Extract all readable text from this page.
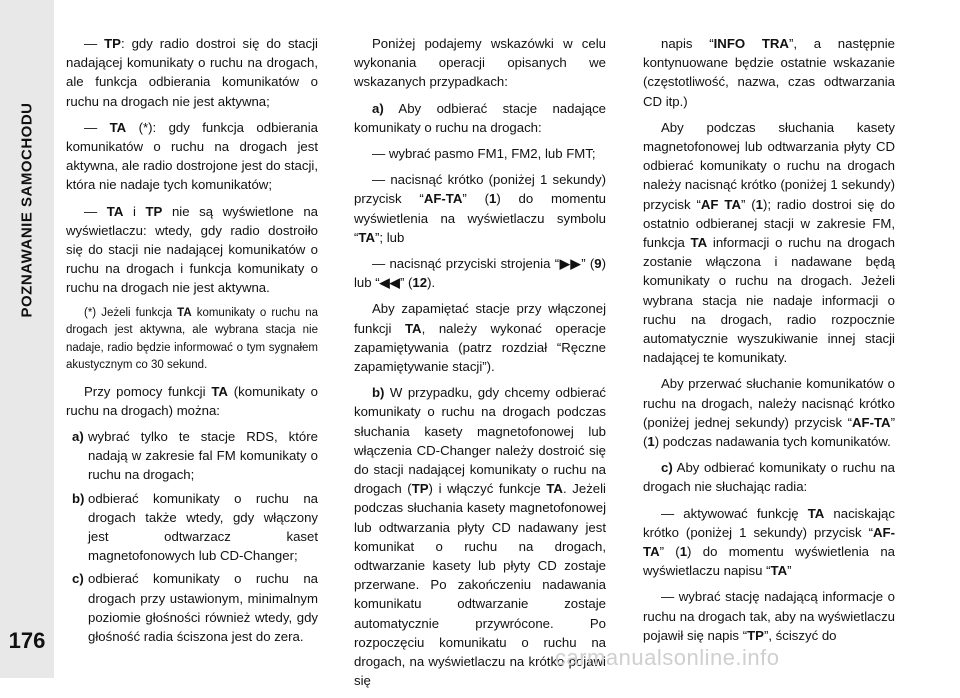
POZNAWANIE SAMOCHODU
176

— TP: gdy radio dostroi się do stacji nadającej komunikaty o ruchu na drogach, ale funkcja odbierania komunikatów o ruchu na drogach nie jest aktywna;

— TA (*): gdy funkcja odbierania komunikatów o ruchu na drogach jest aktywna, ale radio dostrojone jest do stacji, która nie nadaje tych komunikatów;

— TA i TP nie są wyświetlone na wyświetlaczu: wtedy, gdy radio dostroiło się do stacji nie nadającej komunikatów o ruchu na drogach i funkcja komunikaty o ruchu na drogach nie jest aktywna.

(*) Jeżeli funkcja TA komunikaty o ruchu na drogach jest aktywna, ale wybrana stacja nie nadaje, radio będzie informować o tym sygnałem akustycznym co 30 sekund.

Przy pomocy funkcji TA (komunikaty o ruchu na drogach) można:

a) wybrać tylko te stacje RDS, które nadają w zakresie fal FM komunikaty o ruchu na drogach;
b) odbierać komunikaty o ruchu na drogach także wtedy, gdy włączony jest odtwarzacz kaset magnetofonowych lub CD-Changer;
c) odbierać komunikaty o ruchu na drogach przy ustawionym, minimalnym poziomie głośności również wtedy, gdy głośność radia ściszona jest do zera.

Poniżej podajemy wskazówki w celu wykonania operacji opisanych we wskazanych przypadkach:

a) Aby odbierać stacje nadające komunikaty o ruchu na drogach:

— wybrać pasmo FM1, FM2, lub FMT;

— nacisnąć krótko (poniżej 1 sekundy) przycisk “AF-TA” (1) do momentu wyświetlenia na wyświetlaczu symbolu “TA”; lub

— nacisnąć przyciski strojenia “▶▶” (9) lub “◀◀” (12).

Aby zapamiętać stacje przy włączonej funkcji TA, należy wykonać operacje zapamiętywania (patrz rozdział “Ręczne zapamiętywanie stacji”).

b) W przypadku, gdy chcemy odbierać komunikaty o ruchu na drogach podczas słuchania kasety magnetofonowej lub włączenia CD-Changer należy dostroić się do stacji nadającej komunikaty o ruchu na drogach (TP) i włączyć funkcje TA. Jeżeli podczas słuchania kasety magnetofonowej lub odtwarzania płyty CD nadawany jest komunikat o ruchu na drogach, odtwarzanie kasety lub płyty CD zostaje przerwane. Po zakończeniu nadawania komunikatu odtwarzanie zostaje automatycznie przywrócone. Po rozpoczęciu komunikatu o ruchu na drogach, na wyświetlaczu na krótko pojawi się

napis “INFO TRA”, a następnie kontynuowane będzie ostatnie wskazanie (częstotliwość, nazwa, czas odtwarzania CD itp.)

Aby podczas słuchania kasety magnetofonowej lub odtwarzania płyty CD odbierać komunikaty o ruchu na drogach należy nacisnąć krótko (poniżej 1 sekundy) przycisk “AF TA” (1); radio dostroi się do ostatnio odbieranej stacji w zakresie FM, funkcja TA informacji o ruchu na drogach zostanie włączona i nadawane będą komunikaty o ruchu na drogach. Jeżeli wybrana stacja nie nadaje informacji o ruchu na drogach, radio rozpocznie automatycznie wyszukiwanie innej stacji nadającej te komunikaty.

Aby przerwać słuchanie komunikatów o ruchu na drogach, należy nacisnąć krótko (poniżej jednej sekundy) przycisk “AF-TA” (1) podczas nadawania tych komunikatów.

c) Aby odbierać komunikaty o ruchu na drogach nie słuchając radia:

— aktywować funkcję TA naciskając krótko (poniżej 1 sekundy) przycisk “AF-TA” (1) do momentu wyświetlenia na wyświetlaczu napisu “TA”

— wybrać stację nadającą informacje o ruchu na drogach tak, aby na wyświetlaczu pojawił się napis “TP”, ściszyć do

carmanualsonline.info
